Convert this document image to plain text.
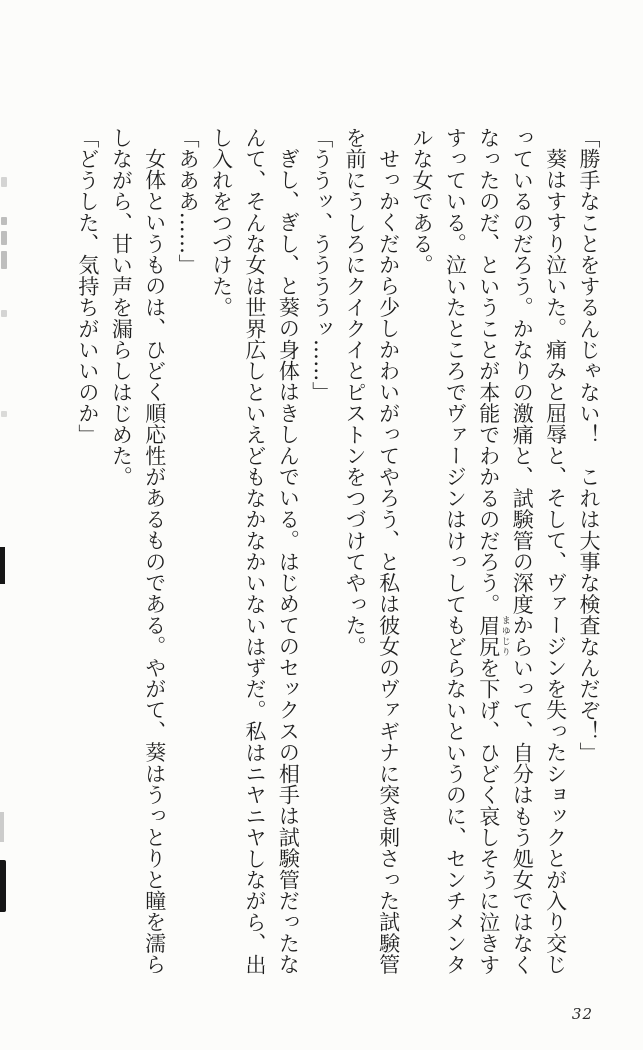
「勝手なことをするんじゃない！　これは大事な検査なんだぞ！」

葵はすすり泣いた。痛みと屈辱と、そして、ヴァージンを失ったショックとが入り交じっているのだろう。かなりの激痛と、試験管の深度からいって、自分はもう処女ではなくなったのだ、ということが本能でわかるのだろう。眉尻 まゆじりを下げ、ひどく哀しそうに泣きすすっている。泣いたところでヴァージンはけっしてもどらないというのに、センチメンタルな女である。

せっかくだから少しかわいがってやろう、と私は彼女のヴァギナに突き刺さった試験管を前にうしろにクイクイとピストンをつづけてやった。

「ううッ、ううううッ……」

ぎし、ぎし、と葵の身体はきしんでいる。はじめてのセックスの相手は試験管だったなんて、そんな女は世界広しといえどもなかなかいないはずだ。私はニヤニヤしながら、出し入れをつづけた。

「あああ……」

女体というものは、ひどく順応性があるものである。やがて、葵はうっとりと瞳を濡らしながら、甘い声を漏らしはじめた。

「どうした、気持ちがいいのか」

32
